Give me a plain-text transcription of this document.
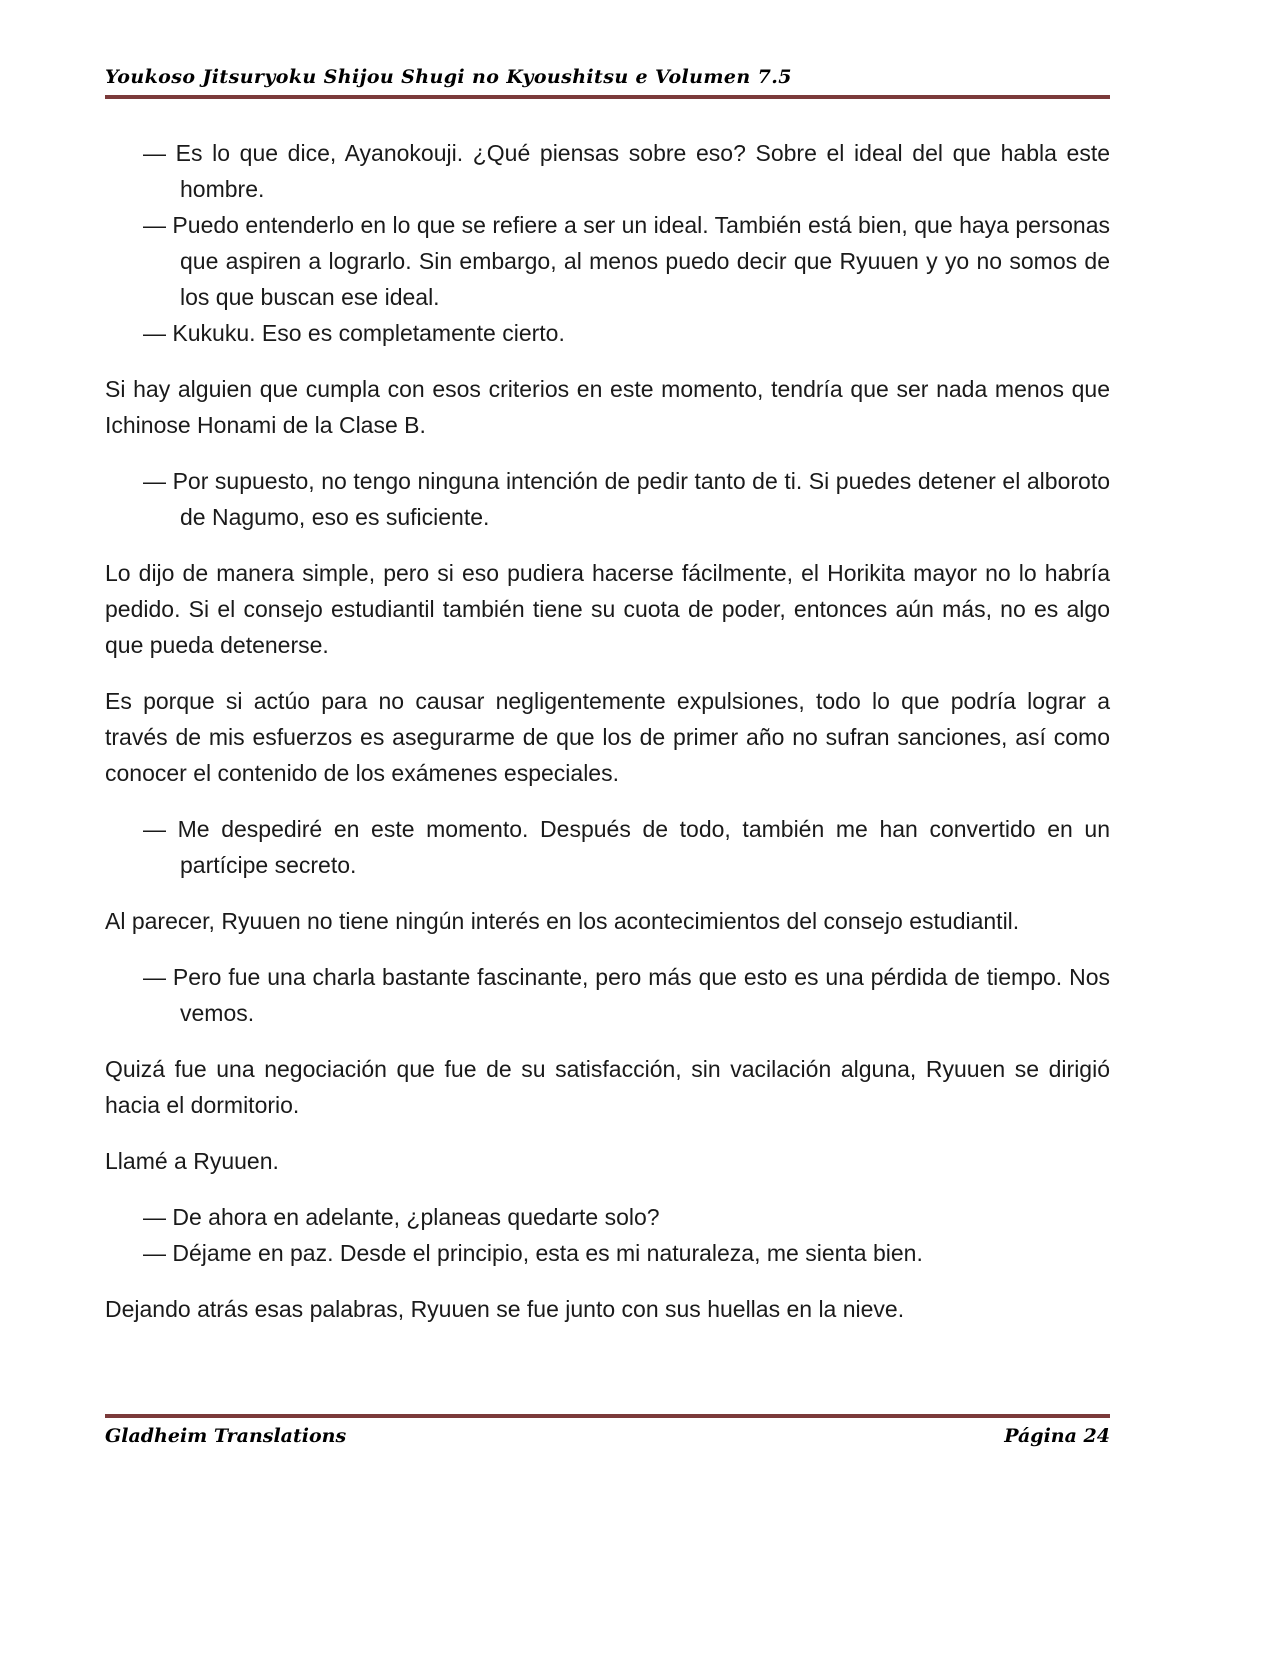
Youkoso Jitsuryoku Shijou Shugi no Kyoushitsu e Volumen 7.5

— Es lo que dice, Ayanokouji. ¿Qué piensas sobre eso? Sobre el ideal del que habla este hombre.

— Puedo entenderlo en lo que se refiere a ser un ideal. También está bien, que haya personas que aspiren a lograrlo. Sin embargo, al menos puedo decir que Ryuuen y yo no somos de los que buscan ese ideal.

— Kukuku. Eso es completamente cierto.

Si hay alguien que cumpla con esos criterios en este momento, tendría que ser nada menos que Ichinose Honami de la Clase B.

— Por supuesto, no tengo ninguna intención de pedir tanto de ti. Si puedes detener el alboroto de Nagumo, eso es suficiente.

Lo dijo de manera simple, pero si eso pudiera hacerse fácilmente, el Horikita mayor no lo habría pedido. Si el consejo estudiantil también tiene su cuota de poder, entonces aún más, no es algo que pueda detenerse.

Es porque si actúo para no causar negligentemente expulsiones, todo lo que podría lograr a través de mis esfuerzos es asegurarme de que los de primer año no sufran sanciones, así como conocer el contenido de los exámenes especiales.

— Me despediré en este momento. Después de todo, también me han convertido en un partícipe secreto.

Al parecer, Ryuuen no tiene ningún interés en los acontecimientos del consejo estudiantil.

— Pero fue una charla bastante fascinante, pero más que esto es una pérdida de tiempo. Nos vemos.

Quizá fue una negociación que fue de su satisfacción, sin vacilación alguna, Ryuuen se dirigió hacia el dormitorio.

Llamé a Ryuuen.

— De ahora en adelante, ¿planeas quedarte solo?

— Déjame en paz. Desde el principio, esta es mi naturaleza, me sienta bien.

Dejando atrás esas palabras, Ryuuen se fue junto con sus huellas en la nieve.

Gladheim Translations	Página 24
